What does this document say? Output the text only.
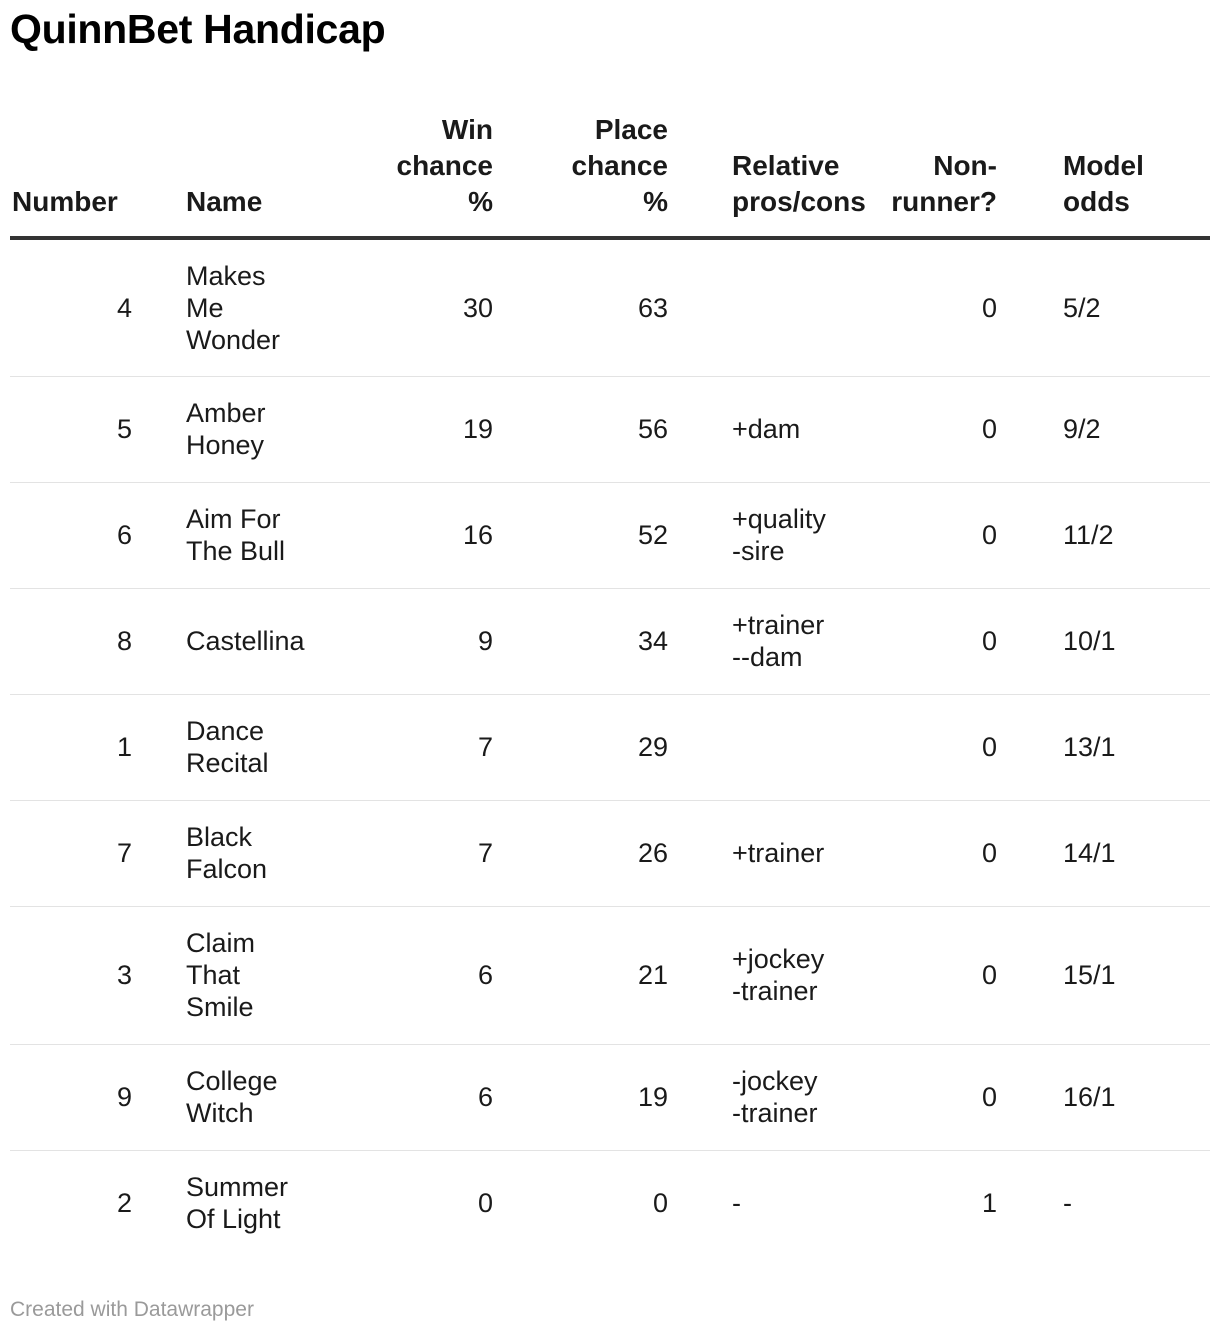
QuinnBet Handicap
Number	Name	Win
chance
%	Place
chance
%	Relative
pros/cons	Non-
runner?	Model
odds

4	Makes
Me
Wonder	30	63		0	5/2

5	Amber
Honey	19	56	+dam	0	9/2

6	Aim For
The Bull	16	52	+quality
-sire	0	11/2

8	Castellina	9	34	+trainer
--dam	0	10/1

1	Dance
Recital	7	29		0	13/1

7	Black
Falcon	7	26	+trainer	0	14/1

3	Claim
That
Smile	6	21	+jockey
-trainer	0	15/1

9	College
Witch	6	19	-jockey
-trainer	0	16/1

2	Summer
Of Light	0	0	-	1	-
Created with Datawrapper
